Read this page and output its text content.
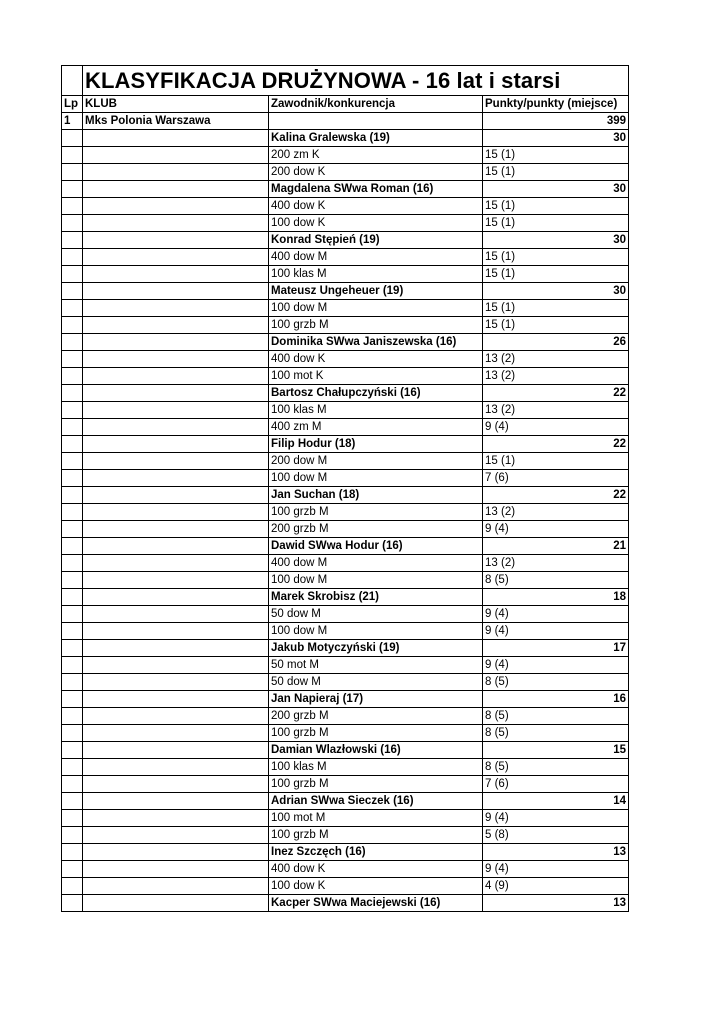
	KLASYFIKACJA DRUŻYNOWA - 16 lat i starsi		
Lp	KLUB	Zawodnik/konkurencja	Punkty/punkty (miejsce)
1	Mks Polonia Warszawa		399
		Kalina Gralewska (19)	30
		200 zm K	15 (1)
		200 dow K	15 (1)
		Magdalena SWwa Roman (16)	30
		400 dow K	15 (1)
		100 dow K	15 (1)
		Konrad Stępień (19)	30
		400 dow M	15 (1)
		100 klas M	15 (1)
		Mateusz Ungeheuer (19)	30
		100 dow M	15 (1)
		100 grzb M	15 (1)
		Dominika SWwa Janiszewska (16)	26
		400 dow K	13 (2)
		100 mot K	13 (2)
		Bartosz Chałupczyński (16)	22
		100 klas M	13 (2)
		400 zm M	9 (4)
		Filip Hodur (18)	22
		200 dow M	15 (1)
		100 dow M	7 (6)
		Jan Suchan (18)	22
		100 grzb M	13 (2)
		200 grzb M	9 (4)
		Dawid SWwa Hodur (16)	21
		400 dow M	13 (2)
		100 dow M	8 (5)
		Marek Skrobisz (21)	18
		50 dow M	9 (4)
		100 dow M	9 (4)
		Jakub Motyczyński (19)	17
		50 mot M	9 (4)
		50 dow M	8 (5)
		Jan Napieraj (17)	16
		200 grzb M	8 (5)
		100 grzb M	8 (5)
		Damian Wlazłowski (16)	15
		100 klas M	8 (5)
		100 grzb M	7 (6)
		Adrian SWwa Sieczek (16)	14
		100 mot M	9 (4)
		100 grzb M	5 (8)
		Inez Szczęch (16)	13
		400 dow K	9 (4)
		100 dow K	4 (9)
		Kacper SWwa Maciejewski (16)	13
